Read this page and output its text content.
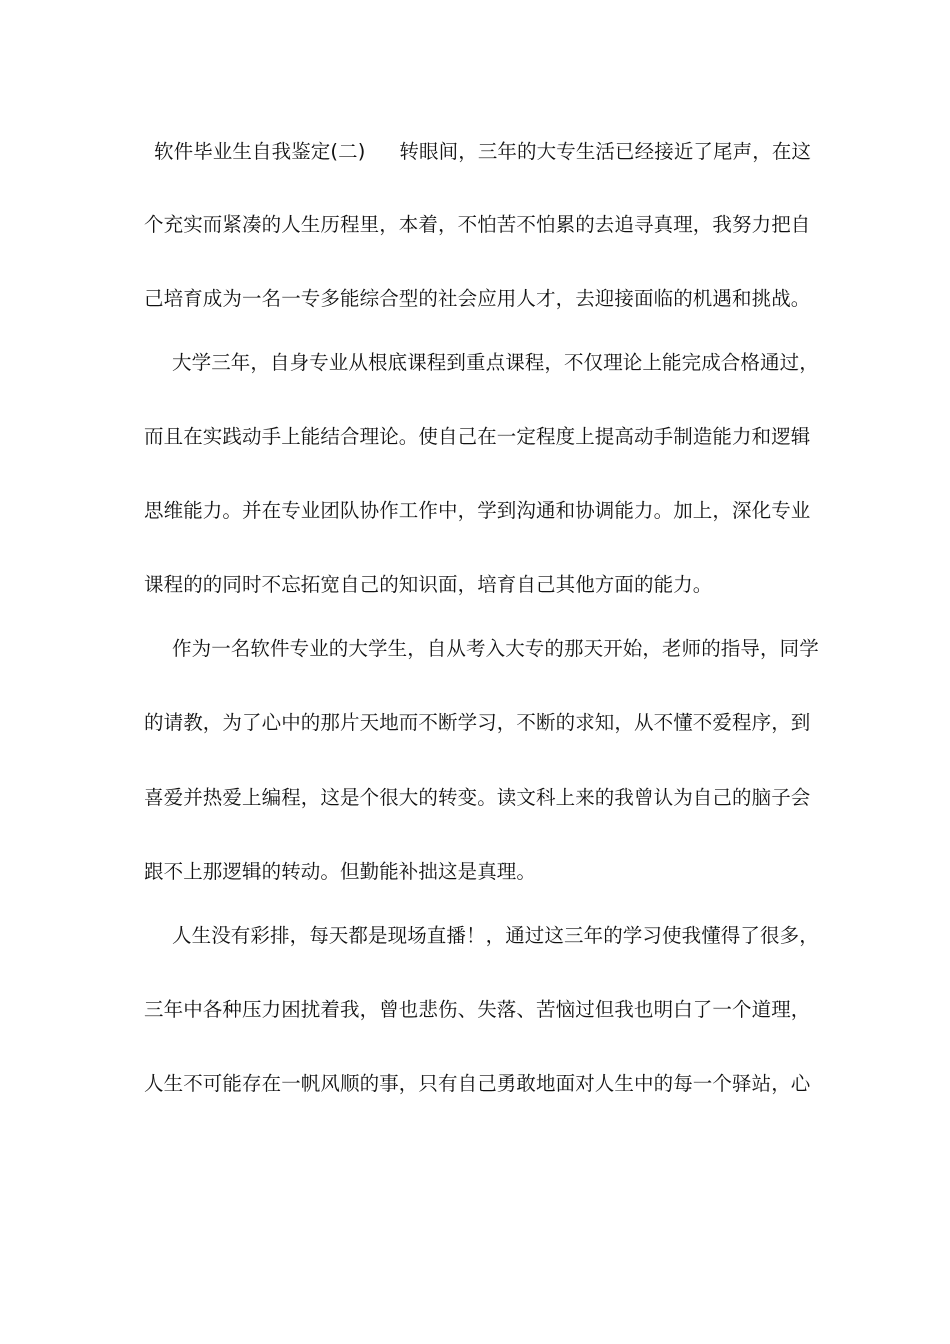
软件毕业生自我鉴定(二) 转眼间，三年的大专生活已经接近了尾声，在这
个充实而紧凑的人生历程里，本着，不怕苦不怕累的去追寻真理，我努力把自
己培育成为一名一专多能综合型的社会应用人才，去迎接面临的机遇和挑战。
大学三年，自身专业从根底课程到重点课程，不仅理论上能完成合格通过，
而且在实践动手上能结合理论。使自己在一定程度上提高动手制造能力和逻辑
思维能力。并在专业团队协作工作中，学到沟通和协调能力。加上，深化专业
课程的的同时不忘拓宽自己的知识面，培育自己其他方面的能力。
作为一名软件专业的大学生，自从考入大专的那天开始，老师的指导，同学
的请教，为了心中的那片天地而不断学习，不断的求知，从不懂不爱程序，到
喜爱并热爱上编程，这是个很大的转变。读文科上来的我曾认为自己的脑子会
跟不上那逻辑的转动。但勤能补拙这是真理。
人生没有彩排，每天都是现场直播！，通过这三年的学习使我懂得了很多，
三年中各种压力困扰着我，曾也悲伤、失落、苦恼过但我也明白了一个道理，
人生不可能存在一帆风顺的事，只有自己勇敢地面对人生中的每一个驿站，心
